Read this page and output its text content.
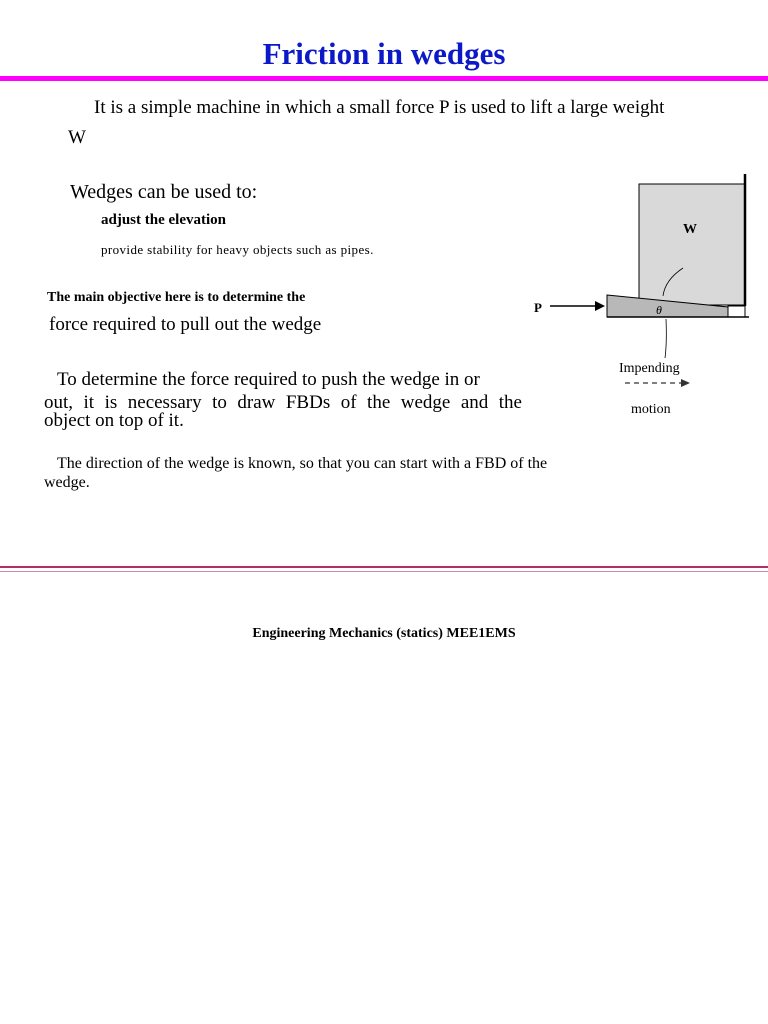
Friction in wedges

It is a simple machine in which a small force P is used to lift a large weight

W

Wedges can be used to:

adjust the elevation

provide stability for heavy objects such as pipes.

The main objective here is to determine the

force required to pull out the wedge

To determine the force required to push the wedge in or

out, it is necessary to draw FBDs of the wedge and the

object on top of it.

The direction of the wedge is known, so that you can start with a FBD of the

wedge.

W
θ
P
Impending
motion

Engineering Mechanics (statics) MEE1EMS
